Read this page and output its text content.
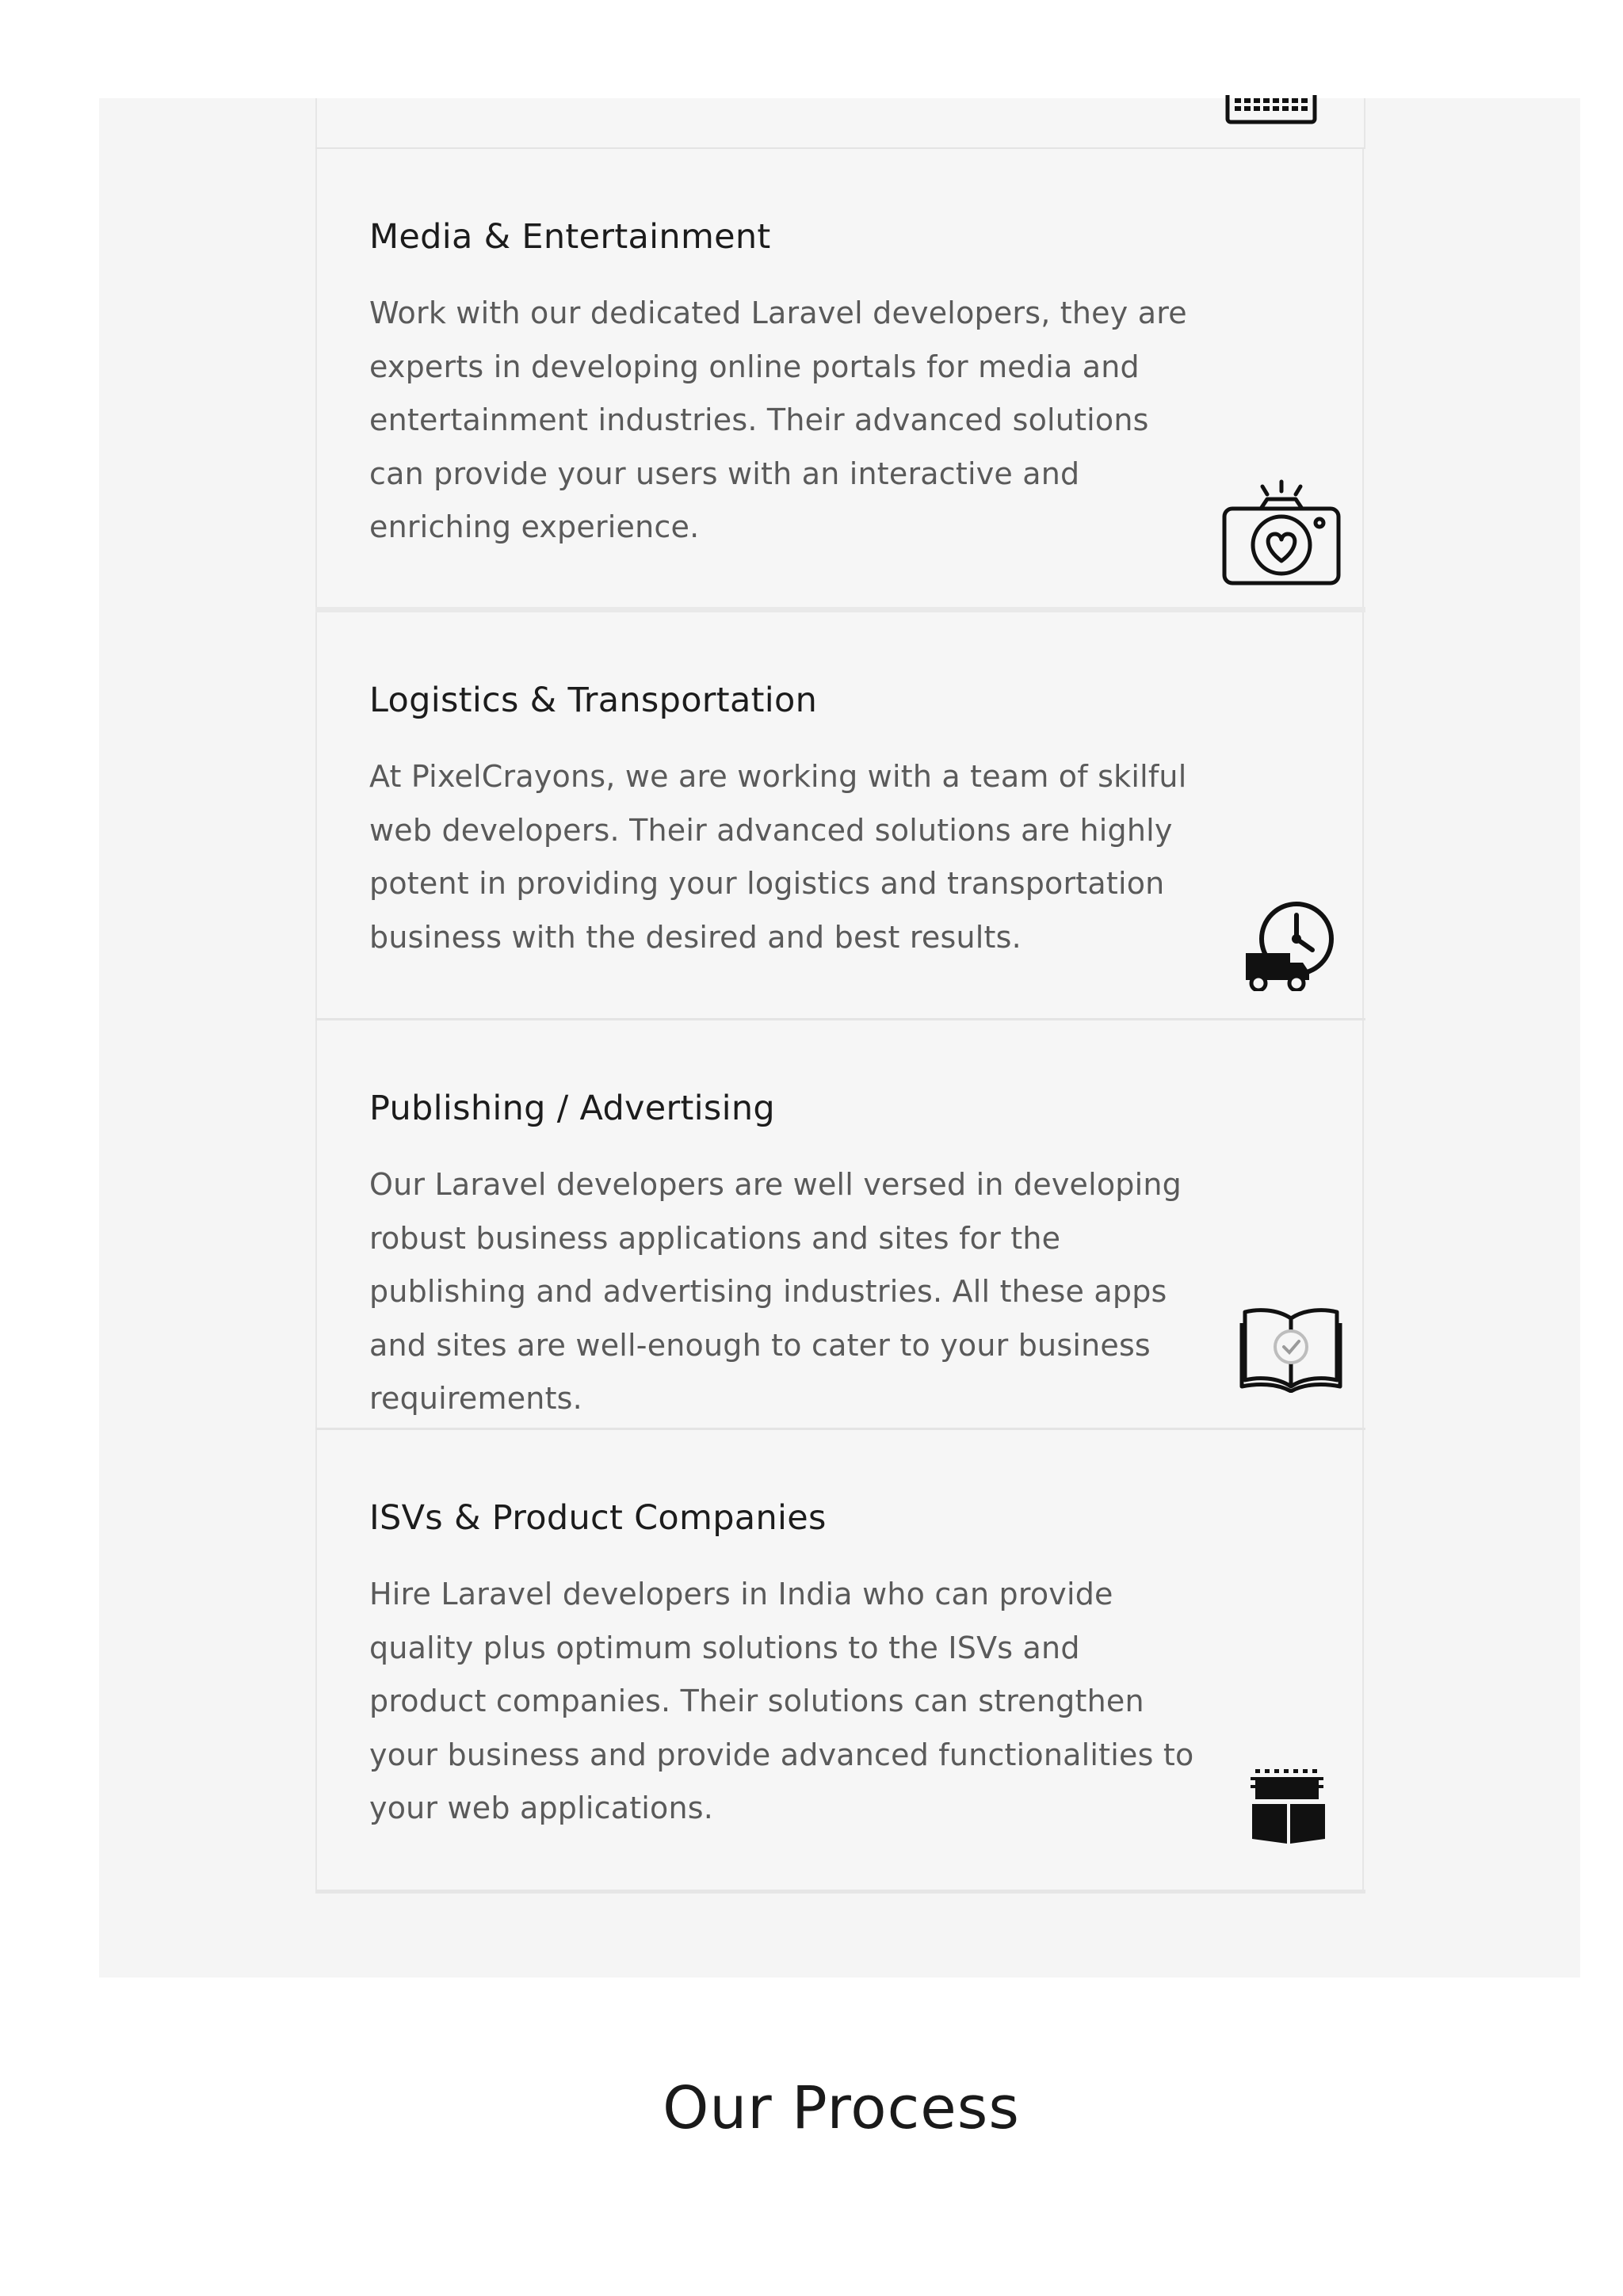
Media & Entertainment
Work with our dedicated Laravel developers, they are experts in developing online portals for media and entertainment industries. Their advanced solutions can provide your users with an interactive and enriching experience.
Logistics & Transportation
At PixelCrayons, we are working with a team of skilful web developers. Their advanced solutions are highly potent in providing your logistics and transportation business with the desired and best results.
Publishing / Advertising
Our Laravel developers are well versed in developing robust business applications and sites for the publishing and advertising industries. All these apps and sites are well-enough to cater to your business requirements.
ISVs & Product Companies
Hire Laravel developers in India who can provide quality plus optimum solutions to the ISVs and product companies. Their solutions can strengthen your business and provide advanced functionalities to your web applications.
Our Process
